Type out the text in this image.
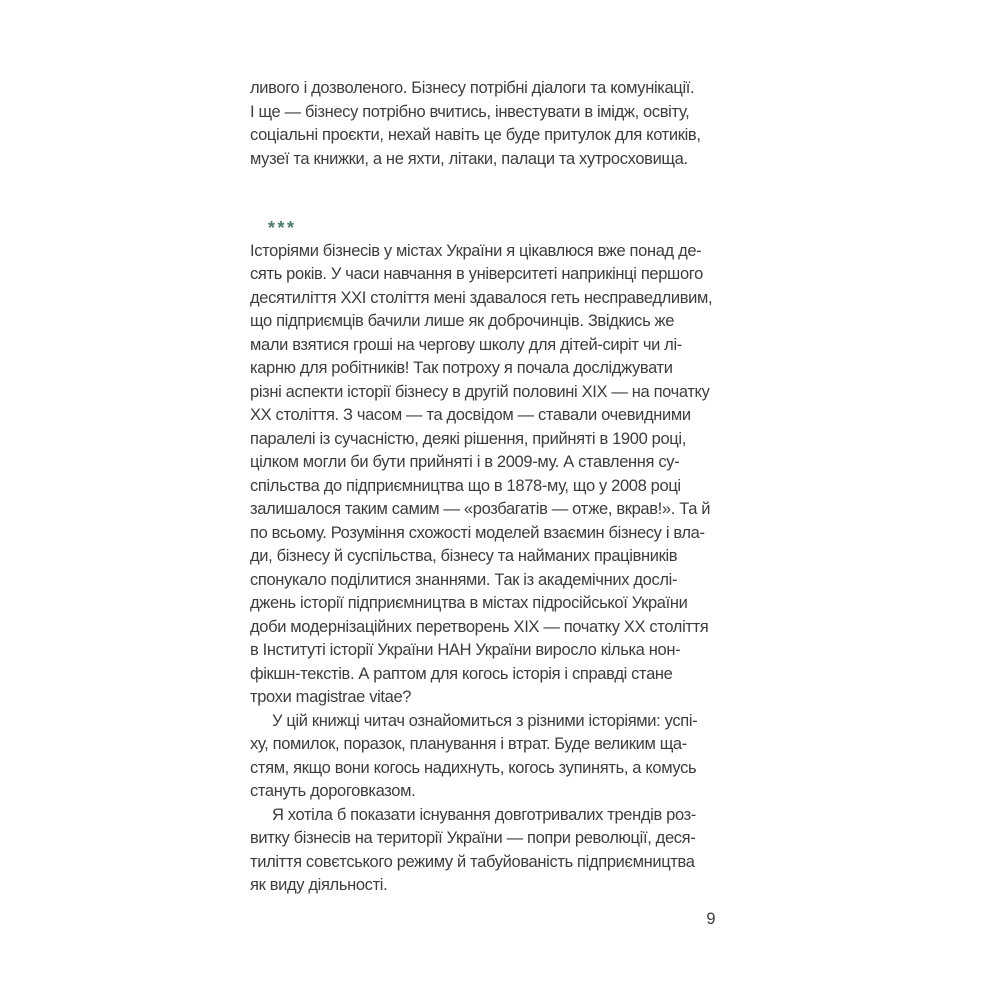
ливого і дозволеного. Бізнесу потрібні діалоги та комунікації.
І ще — бізнесу потрібно вчитись, інвестувати в імідж, освіту,
соціальні проєкти, нехай навіть це буде притулок для котиків,
музеї та книжки, а не яхти, літаки, палаци та хутросховища.
***
Історіями бізнесів у містах України я цікавлюся вже понад де-
сять років. У часи навчання в університеті наприкінці першого
десятиліття XXI століття мені здавалося геть несправедливим,
що підприємців бачили лише як доброчинців. Звідкись же
мали взятися гроші на чергову школу для дітей-сиріт чи лі-
карню для робітників! Так потроху я почала досліджувати
різні аспекти історії бізнесу в другій половині XIX — на початку
XX століття. З часом — та досвідом — ставали очевидними
паралелі із сучасністю, деякі рішення, прийняті в 1900 році,
цілком могли би бути прийняті і в 2009-му. А ставлення су-
спільства до підприємництва що в 1878-му, що у 2008 році
залишалося таким самим — «розбагатів — отже, вкрав!». Та й
по всьому. Розуміння схожості моделей взаємин бізнесу і вла-
ди, бізнесу й суспільства, бізнесу та найманих працівників
спонукало поділитися знаннями. Так із академічних дослі-
джень історії підприємництва в містах підросійської України
доби модернізаційних перетворень XIX — початку XX століття
в Інституті історії України НАН України виросло кілька нон-
фікшн-текстів. А раптом для когось історія і справді стане
трохи magistrae vitae?
У цій книжці читач ознайомиться з різними історіями: успі-
ху, помилок, поразок, планування і втрат. Буде великим ща-
стям, якщо вони когось надихнуть, когось зупинять, а комусь
стануть дороговказом.
Я хотіла б показати існування довготривалих трендів роз-
витку бізнесів на території України — попри революції, деся-
тиліття совєтського режиму й табуйованість підприємництва
як виду діяльності.
9
